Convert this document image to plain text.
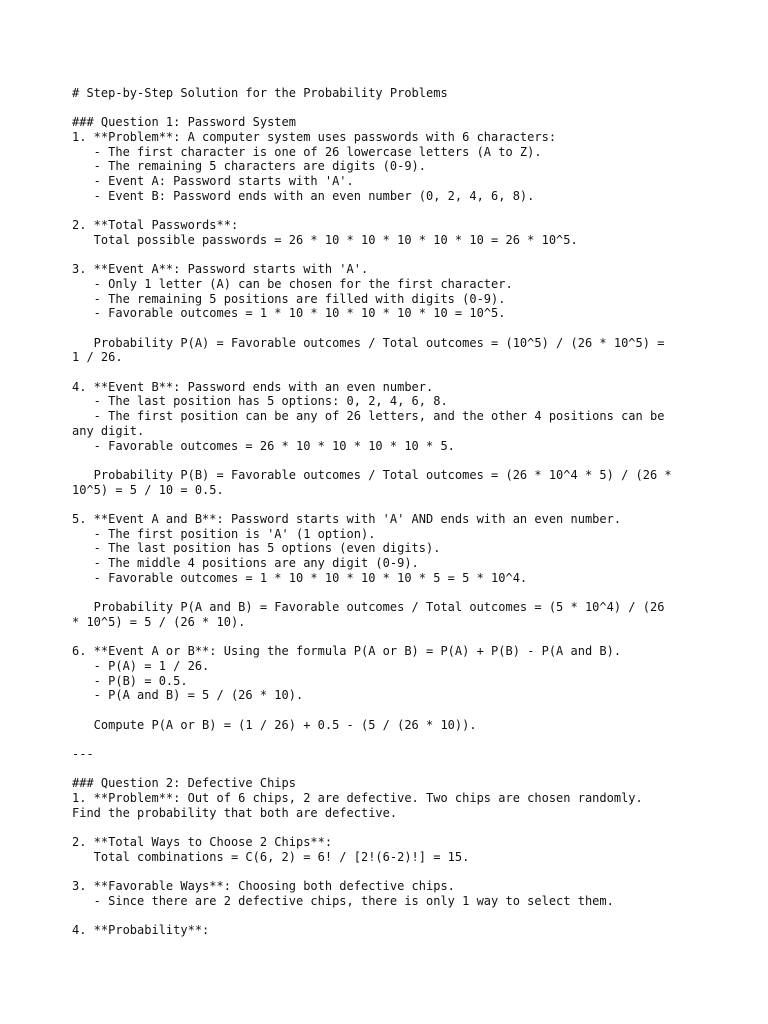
# Step-by-Step Solution for the Probability Problems
### Question 1: Password System
1. **Problem**: A computer system uses passwords with 6 characters:
- The first character is one of 26 lowercase letters (A to Z).
- The remaining 5 characters are digits (0-9).
- Event A: Password starts with 'A'.
- Event B: Password ends with an even number (0, 2, 4, 6, 8).
2. **Total Passwords**:
Total possible passwords = 26 * 10 * 10 * 10 * 10 * 10 = 26 * 10^5.
3. **Event A**: Password starts with 'A'.
- Only 1 letter (A) can be chosen for the first character.
- The remaining 5 positions are filled with digits (0-9).
- Favorable outcomes = 1 * 10 * 10 * 10 * 10 * 10 = 10^5.
Probability P(A) = Favorable outcomes / Total outcomes = (10^5) / (26 * 10^5) =
1 / 26.
4. **Event B**: Password ends with an even number.
- The last position has 5 options: 0, 2, 4, 6, 8.
- The first position can be any of 26 letters, and the other 4 positions can be
any digit.
- Favorable outcomes = 26 * 10 * 10 * 10 * 10 * 5.
Probability P(B) = Favorable outcomes / Total outcomes = (26 * 10^4 * 5) / (26 *
10^5) = 5 / 10 = 0.5.
5. **Event A and B**: Password starts with 'A' AND ends with an even number.
- The first position is 'A' (1 option).
- The last position has 5 options (even digits).
- The middle 4 positions are any digit (0-9).
- Favorable outcomes = 1 * 10 * 10 * 10 * 10 * 5 = 5 * 10^4.
Probability P(A and B) = Favorable outcomes / Total outcomes = (5 * 10^4) / (26
* 10^5) = 5 / (26 * 10).
6. **Event A or B**: Using the formula P(A or B) = P(A) + P(B) - P(A and B).
- P(A) = 1 / 26.
- P(B) = 0.5.
- P(A and B) = 5 / (26 * 10).
Compute P(A or B) = (1 / 26) + 0.5 - (5 / (26 * 10)).
---
### Question 2: Defective Chips
1. **Problem**: Out of 6 chips, 2 are defective. Two chips are chosen randomly.
Find the probability that both are defective.
2. **Total Ways to Choose 2 Chips**:
Total combinations = C(6, 2) = 6! / [2!(6-2)!] = 15.
3. **Favorable Ways**: Choosing both defective chips.
- Since there are 2 defective chips, there is only 1 way to select them.
4. **Probability**:
